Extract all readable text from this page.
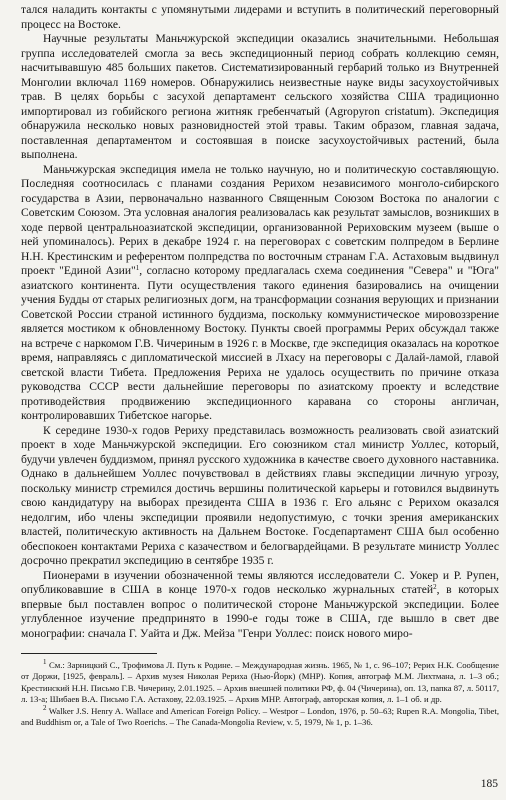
тался наладить контакты с упомянутыми лидерами и вступить в политический переговорный процесс на Востоке.

Научные результаты Маньчжурской экспедиции оказались значительными. Небольшая группа исследователей смогла за весь экспедиционный период собрать коллекцию семян, насчитывавшую 485 больших пакетов. Систематизированный гербарий только из Внутренней Монголии включал 1169 номеров. Обнаружились неизвестные науке виды засухоустойчивых трав. В целях борьбы с засухой департамент сельского хозяйства США традиционно импортировал из гобийского региона житняк гребенчатый (Agropyron cristatum). Экспедиция обнаружила несколько новых разновидностей этой травы. Таким образом, главная задача, поставленная департаментом и состоявшая в поиске засухоустойчивых растений, была выполнена.

Маньчжурская экспедиция имела не только научную, но и политическую составляющую. Последняя соотносилась с планами создания Рерихом независимого монголо-сибирского государства в Азии, первоначально названного Священным Союзом Востока по аналогии с Советским Союзом. Эта условная аналогия реализовалась как результат замыслов, возникших в ходе первой центральноазиатской экспедиции, организованной Рериховским музеем (выше о ней упоминалось). Рерих в декабре 1924 г. на переговорах с советским полпредом в Берлине Н.Н. Крестинским и референтом полпредства по восточным странам Г.А. Астаховым выдвинул проект "Единой Азии"$^1$, согласно которому предлагалась схема соединения "Севера" и "Юга" азиатского континента. Пути осуществления такого единения базировались на очищении учения Будды от старых религиозных догм, на трансформации сознания верующих и признании Советской России страной истинного буддизма, поскольку коммунистическое мировоззрение является мостиком к обновленному Востоку. Пункты своей программы Рерих обсуждал также на встрече с наркомом Г.В. Чичериным в 1926 г. в Москве, где экспедиция оказалась на короткое время, направляясь с дипломатической миссией в Лхасу на переговоры с Далай-ламой, главой светской власти Тибета. Предложения Рериха не удалось осуществить по причине отказа руководства СССР вести дальнейшие переговоры по азиатскому проекту и вследствие противодействия продвижению экспедиционного каравана со стороны англичан, контролировавших Тибетское нагорье.

К середине 1930-х годов Рериху представилась возможность реализовать свой азиатский проект в ходе Маньчжурской экспедиции. Его союзником стал министр Уоллес, который, будучи увлечен буддизмом, принял русского художника в качестве своего духовного наставника. Однако в дальнейшем Уоллес почувствовал в действиях главы экспедиции личную угрозу, поскольку министр стремился достичь вершины политической карьеры и готовился выдвинуть свою кандидатуру на выборах президента США в 1936 г. Его альянс с Рерихом оказался недолгим, ибо члены экспедиции проявили недопустимую, с точки зрения американских властей, политическую активность на Дальнем Востоке. Госдепартамент США был особенно обеспокоен контактами Рериха с казачеством и белогвардейцами. В результате министр Уоллес досрочно прекратил экспедицию в сентябре 1935 г.

Пионерами в изучении обозначенной темы являются исследователи С. Уокер и Р. Рупен, опубликовавшие в США в конце 1970-х годов несколько журнальных статей$^2$, в которых впервые был поставлен вопрос о политической стороне Маньчжурской экспедиции. Более углубленное изучение предпринято в 1990-е годы тоже в США, где вышло в свет две монографии: сначала Г. Уайта и Дж. Мейза "Генри Уоллес: поиск нового миро-

$^1$ См.: Зарницкий С., Трофимова Л. Путь к Родине. – Международная жизнь. 1965, № 1, с. 96–107; Рерих Н.К. Сообщение от Доржи, [1925, февраль]. – Архив музея Николая Рериха (Нью-Йорк) (МНР). Копия, автограф М.М. Лихтмана, л. 1–3 об.; Крестинский Н.Н. Письмо Г.В. Чичерину, 2.01.1925. – Архив внешней политики РФ, ф. 04 (Чичерина), оп. 13, папка 87, л. 50117, л. 13-а; Шибаев В.А. Письмо Г.А. Астахову, 22.03.1925. – Архив МНР. Автограф, авторская копия, л. 1–1 об. и др.

$^2$ Walker J.S. Henry A. Wallace and American Foreign Policy. – Westpor – London, 1976, p. 50–63; Rupen R.A. Mongolia, Tibet, and Buddhism or, a Tale of Two Roerichs. – The Canada-Mongolia Review, v. 5, 1979, № 1, p. 1–36.

185
